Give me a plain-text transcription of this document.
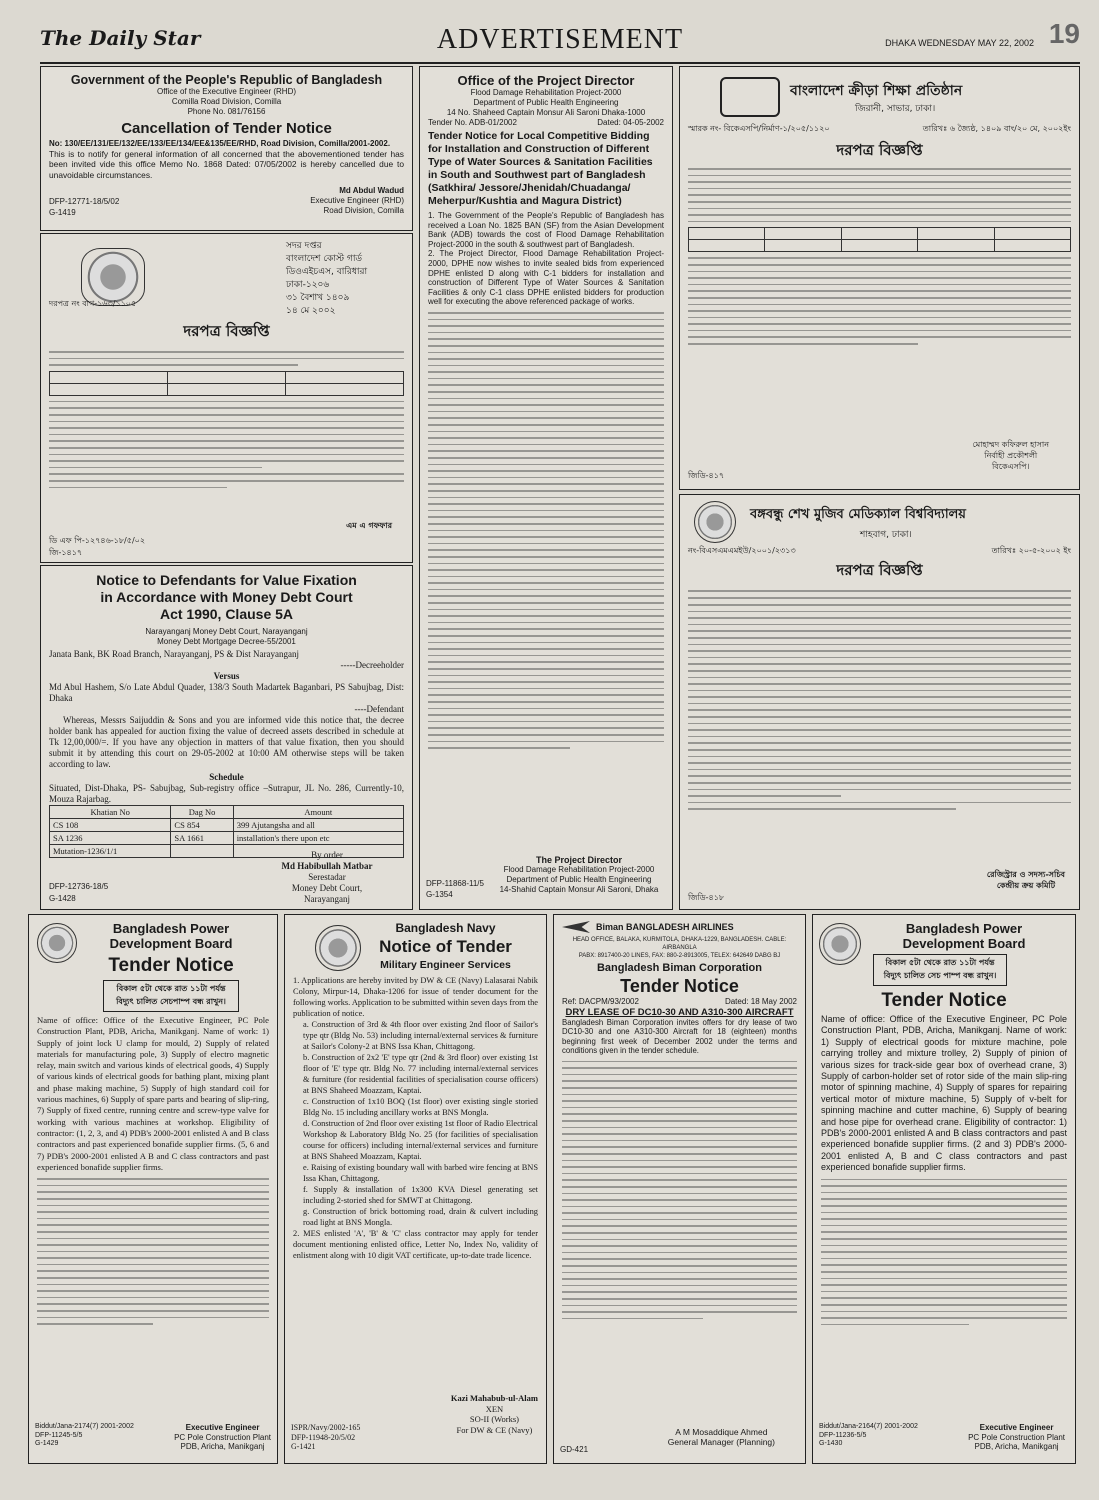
The Daily Star	ADVERTISEMENT	DHAKA WEDNESDAY MAY 22, 2002 19
Government of the People's Republic of Bangladesh
Office of the Executive Engineer (RHD)
Comilla Road Division, Comilla
Phone No. 081/76156
Cancellation of Tender Notice
No: 130/EE/131/EE/132/EE/133/EE/134/EE&135/EE/RHD, Road Division, Comilla/2001-2002.
This is to notify for general information of all concerned that the abovementioned tender has been invited vide this office Memo No. 1868 Dated: 07/05/2002 is hereby cancelled due to unavoidable circumstances.
Md Abdul Wadud
Executive Engineer (RHD)
Road Division, Comilla
DFP-12771-18/5/02
G-1419
সদর দপ্তর
বাংলাদেশ কোস্ট গার্ড
ডিওএইচএস, বারিধারা
ঢাকা-১২০৬
৩১ বৈশাখ ১৪০৯
১৪ মে ২০০২
দরপত্র নং বাগ-১৬৩/১১০৫
দরপত্র বিজ্ঞপ্তি

এম এ গফফার
ডি এফ পি-১২৭৪৬-১৮/৫/০২
জি-১৪১৭
Notice to Defendants for Value Fixation
in Accordance with Money Debt Court
Act 1990, Clause 5A
Narayanganj Money Debt Court, Narayanganj
Money Debt Mortgage Decree-55/2001
Janata Bank, BK Road Branch, Narayanganj, PS & Dist Narayanganj
-----Decreeholder
Versus
Md Abul Hashem, S/o Late Abdul Quader, 138/3 South Madartek Baganbari, PS Sabujbag, Dist: Dhaka
----Defendant
Whereas, Messrs Saijuddin & Sons and you are informed vide this notice that, the decree holder bank has appealed for auction fixing the value of decreed assets described in schedule at Tk 12,00,000/=. If you have any objection in matters of that value fixation, then you should submit it by attending this court on 29-05-2002 at 10:00 AM otherwise steps will be taken according to law.
Schedule
Situated, Dist-Dhaka, PS- Sabujbag, Sub-registry office –Sutrapur, JL No. 286, Currently-10, Mouza Rajarbag.
Khatian No	Dag No	Amount
CS 108	CS 854	399 Ajutangsha and all
SA 1236	SA 1661	installation's there upon etc
Mutation-1236/1/1			By order
Md Habibullah Matbar
Serestadar
Money Debt Court,
Narayanganj
DFP-12736-18/5
G-1428
Office of the Project Director
Flood Damage Rehabilitation Project-2000
Department of Public Health Engineering
14 No. Shaheed Captain Monsur Ali Saroni Dhaka-1000
Tender No. ADB-01/2002	Dated: 04-05-2002
Tender Notice for Local Competitive Bidding for Installation and Construction of Different Type of Water Sources & Sanitation Facilities in South and Southwest part of Bangladesh (Satkhira/ Jessore/Jhenidah/Chuadanga/ Meherpur/Kushtia and Magura District)
1. The Government of the People's Republic of Bangladesh has received a Loan No. 1825 BAN (SF) from the Asian Development Bank (ADB) towards the cost of Flood Damage Rehabilitation Project-2000 in the south & southwest part of Bangladesh.
2. The Project Director, Flood Damage Rehabilitation Project-2000, DPHE now wishes to invite sealed bids from experienced DPHE enlisted D along with C-1 bidders for installation and construction of Different Type of Water Sources & Sanitation Facilities & only C-1 class DPHE enlisted bidders for production well for executing the above referenced package of works.
The Project Director
Flood Damage Rehabilitation Project-2000
Department of Public Health Engineering
14-Shahid Captain Monsur Ali Saroni, Dhaka
DFP-11868-11/5
G-1354
বাংলাদেশ ক্রীড়া শিক্ষা প্রতিষ্ঠান
জিরানী, সাভার, ঢাকা।
স্মারক নং- বিকেএসপি/নির্মাণ-১/২০৫/১১২০	তারিখঃ ৬ জ্যৈষ্ঠ, ১৪০৯ বাং/২০ মে, ২০০২ইং
দরপত্র বিজ্ঞপ্তি

মোহাম্মদ কফিরুল হাসান
নির্বাহী প্রকৌশলী
বিকেএসপি।
জিডি-৪১৭
বঙ্গবন্ধু শেখ মুজিব মেডিক্যাল বিশ্ববিদ্যালয়
শাহবাগ, ঢাকা।
নং-বিএসএমএমইউ/২০০১/২৩১৩	তারিখঃ ২০-৫-২০০২ ইং
দরপত্র বিজ্ঞপ্তি
রেজিস্ট্রার ও সদস্য-সচিব
কেন্দ্রীয় ক্রয় কমিটি
জিডি-৪১৮
Bangladesh Power
Development Board
Tender Notice
বিকাল ৫টা থেকে রাত ১১টা পর্যন্ত
বিদ্যুৎ চালিত সেচপাম্প বন্ধ রাখুন।
Name of office: Office of the Executive Engineer, PC Pole Construction Plant, PDB, Aricha, Manikganj. Name of work: 1) Supply of joint lock U clamp for mould, 2) Supply of related materials for manufacturing pole, 3) Supply of electro magnetic relay, main switch and various kinds of electrical goods, 4) Supply of various kinds of electrical goods for bathing plant, mixing plant and phase making machine, 5) Supply of high standard coil for various machines, 6) Supply of spare parts and bearing of slip-ring, 7) Supply of fixed centre, running centre and screw-type valve for working with various machines at workshop. Eligibility of contractor: (1, 2, 3, and 4) PDB's 2000-2001 enlisted A and B class contractors and past experienced bonafide supplier firms. (5, 6 and 7) PDB's 2000-2001 enlisted A B and C class contractors and past experienced bonafide supplier firms.
Biddut/Jana-2174(7) 2001-2002
DFP-11245-5/5
G-1429
Executive Engineer
PC Pole Construction Plant
PDB, Aricha, Manikganj
Bangladesh Navy
Notice of Tender
Military Engineer Services
1. Applications are hereby invited by DW & CE (Navy) Lalasarai Nabik Colony, Mirpur-14, Dhaka-1206 for issue of tender document for the following works. Application to be submitted within seven days from the publication of notice.
a. Construction of 3rd & 4th floor over existing 2nd floor of Sailor's type qtr (Bldg No. 53) including internal/external services & furniture at Sailor's Colony-2 at BNS Issa Khan, Chittagong.
b. Construction of 2x2 'E' type qtr (2nd & 3rd floor) over existing 1st floor of 'E' type qtr. Bldg No. 77 including internal/external services & furniture (for residential facilities of specialisation course officers) at BNS Shaheed Moazzam, Kaptai.
c. Construction of 1x10 BOQ (1st floor) over existing single storied Bldg No. 15 including ancillary works at BNS Mongla.
d. Construction of 2nd floor over existing 1st floor of Radio Electrical Workshop & Laboratory Bldg No. 25 (for facilities of specialisation course for officers) including internal/external services and furniture at BNS Shaheed Moazzam, Kaptai.
e. Raising of existing boundary wall with barbed wire fencing at BNS Issa Khan, Chittagong.
f. Supply & installation of 1x300 KVA Diesel generating set including 2-storied shed for SMWT at Chittagong.
g. Construction of brick bottoming road, drain & culvert including road light at BNS Mongla.
2. MES enlisted 'A', 'B' & 'C' class contractor may apply for tender document mentioning enlisted office, Letter No, Index No, validity of enlistment along with 10 digit VAT certificate, up-to-date trade licence.
Kazi Mahabub-ul-Alam
XEN
SO-II (Works)
For DW & CE (Navy)
ISPR/Navy/2002-165
DFP-11948-20/5/02
G-1421
Biman BANGLADESH AIRLINES
HEAD OFFICE, BALAKA, KURMITOLA, DHAKA-1229, BANGLADESH. CABLE: AIRBANGLA
PABX: 8917400-20 LINES, FAX: 880-2-8913005, TELEX: 642649 DABG BJ
Bangladesh Biman Corporation
Tender Notice
Ref: DACPM/93/2002	Dated: 18 May 2002
DRY LEASE OF DC10-30 AND A310-300 AIRCRAFT
Bangladesh Biman Corporation invites offers for dry lease of two DC10-30 and one A310-300 Aircraft for 18 (eighteen) months beginning first week of December 2002 under the terms and conditions given in the tender schedule.
A M Mosaddique Ahmed
General Manager (Planning)
GD-421
Bangladesh Power
Development Board
বিকাল ৫টা থেকে রাত ১১টা পর্যন্ত
বিদ্যুৎ চালিত সেচ পাম্প বন্ধ রাখুন।
Tender Notice
Name of office: Office of the Executive Engineer, PC Pole Construction Plant, PDB, Aricha, Manikganj. Name of work: 1) Supply of electrical goods for mixture machine, pole carrying trolley and mixture trolley, 2) Supply of pinion of various sizes for track-side gear box of overhead crane, 3) Supply of carbon-holder set of rotor side of the main slip-ring motor of spinning machine, 4) Supply of spares for repairing vertical motor of mixture machine, 5) Supply of v-belt for spinning machine and cutter machine, 6) Supply of bearing and hose pipe for overhead crane. Eligibility of contractor: 1) PDB's 2000-2001 enlisted A and B class contractors and past experienced bonafide supplier firms. (2 and 3) PDB's 2000-2001 enlisted A, B and C class contractors and past experienced bonafide supplier firms.
Biddut/Jana-2164(7) 2001-2002
DFP-11236-5/5
G-1430
Executive Engineer
PC Pole Construction Plant
PDB, Aricha, Manikganj
